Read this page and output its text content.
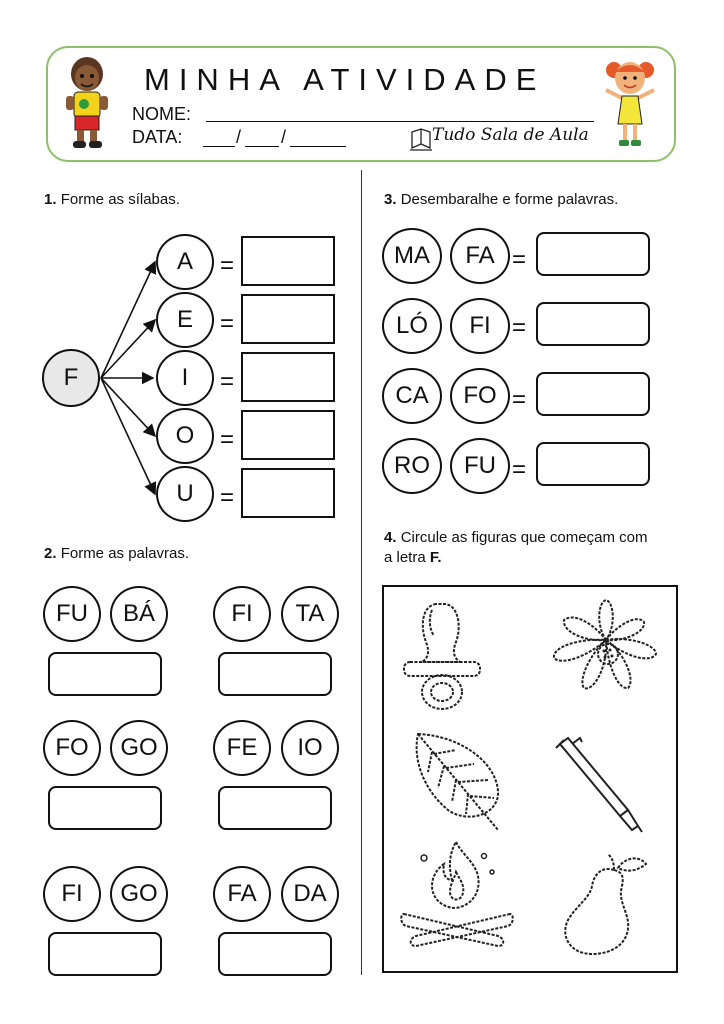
MINHA ATIVIDADE
NOME:
DATA:	/ /	Tudo Sala de Aula
1. Forme as sílabas.
F
A
E
I
O
U
=
=
=
=
=
2. Forme as palavras.
FU	BÁ	FI	TA
FO	GO	FE	IO
FI	GO	FA	DA
3. Desembaralhe e forme palavras.
MA	FA =
LÓ	FI =
CA	FO =
RO	FU =
4. Circule as figuras que começam com
a letra F.
